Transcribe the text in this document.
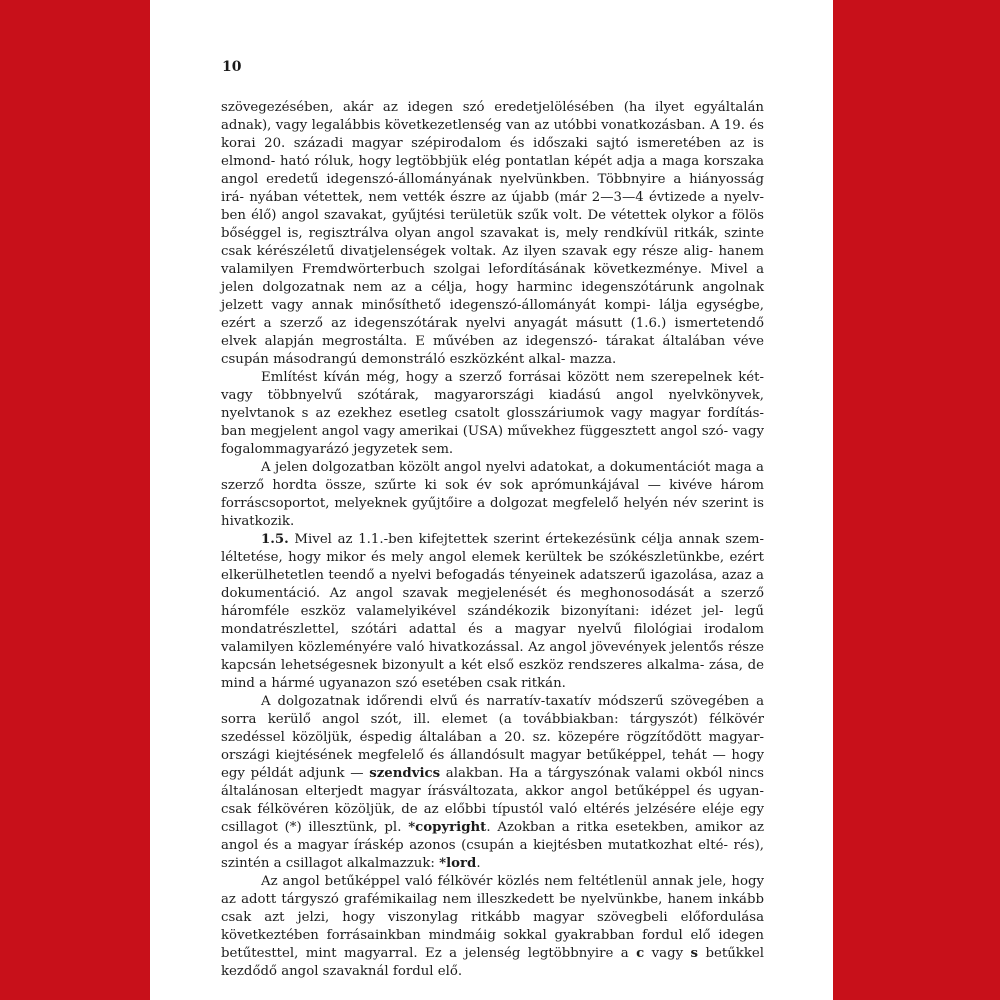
10

szövegezésében, akár az idegen szó eredetjelölésében (ha ilyet egyáltalán adnak), vagy legalábbis következetlenség van az utóbbi vonatkozásban. A 19. és korai 20. századi magyar szépirodalom és időszaki sajtó ismeretében az is elmond- ható róluk, hogy legtöbbjük elég pontatlan képét adja a maga korszaka angol eredetű idegenszó-állományának nyelvünkben. Többnyire a hiányosság irá- nyában vétettek, nem vették észre az újabb (már 2—3—4 évtizede a nyelv- ben élő) angol szavakat, gyűjtési területük szűk volt. De vétettek olykor a fölös bőséggel is, regisztrálva olyan angol szavakat is, mely rendkívül ritkák, szinte csak kérészéletű divatjelenségek voltak. Az ilyen szavak egy része alig- hanem valamilyen Fremdwörterbuch szolgai lefordításának következménye. Mivel a jelen dolgozatnak nem az a célja, hogy harminc idegenszótárunk angolnak jelzett vagy annak minősíthető idegenszó-állományát kompi- lálja egységbe, ezért a szerző az idegenszótárak nyelvi anyagát másutt (1.6.) ismertetendő elvek alapján megrostálta. E művében az idegenszó- tárakat általában véve csupán másodrangú demonstráló eszközként alkal- mazza.

Említést kíván még, hogy a szerző forrásai között nem szerepelnek két- vagy többnyelvű szótárak, magyarországi kiadású angol nyelvkönyvek, nyelvtanok s az ezekhez esetleg csatolt glosszáriumok vagy magyar fordítás- ban megjelent angol vagy amerikai (USA) művekhez függesztett angol szó- vagy fogalommagyarázó jegyzetek sem.

A jelen dolgozatban közölt angol nyelvi adatokat, a dokumentációt maga a szerző hordta össze, szűrte ki sok év sok aprómunkájával — kivéve három forráscsoportot, melyeknek gyűjtőire a dolgozat megfelelő helyén név szerint is hivatkozik.

1.5. Mivel az 1.1.-ben kifejtettek szerint értekezésünk célja annak szem- léltetése, hogy mikor és mely angol elemek kerültek be szókészletünkbe, ezért elkerülhetetlen teendő a nyelvi befogadás tényeinek adatszerű igazolása, azaz a dokumentáció. Az angol szavak megjelenését és meghonosodását a szerző háromféle eszköz valamelyikével szándékozik bizonyítani: idézet jel- legű mondatrészlettel, szótári adattal és a magyar nyelvű filológiai irodalom valamilyen közleményére való hivatkozással. Az angol jövevények jelentős része kapcsán lehetségesnek bizonyult a két első eszköz rendszeres alkalma- zása, de mind a hármé ugyanazon szó esetében csak ritkán.

A dolgozatnak időrendi elvű és narratív-taxatív módszerű szövegében a sorra kerülő angol szót, ill. elemet (a továbbiakban: tárgyszót) félkövér szedéssel közöljük, éspedig általában a 20. sz. közepére rögzítődött magyar- országi kiejtésének megfelelő és állandósult magyar betűképpel, tehát — hogy egy példát adjunk — szendvics alakban. Ha a tárgyszónak valami okból nincs általánosan elterjedt magyar írásváltozata, akkor angol betűképpel és ugyan- csak félkövéren közöljük, de az előbbi típustól való eltérés jelzésére eléje egy csillagot (*) illesztünk, pl. *copyright. Azokban a ritka esetekben, amikor az angol és a magyar íráskép azonos (csupán a kiejtésben mutatkozhat elté- rés), szintén a csillagot alkalmazzuk: *lord.

Az angol betűképpel való félkövér közlés nem feltétlenül annak jele, hogy az adott tárgyszó grafémikailag nem illeszkedett be nyelvünkbe, hanem inkább csak azt jelzi, hogy viszonylag ritkább magyar szövegbeli előfordulása következtében forrásainkban mindmáig sokkal gyakrabban fordul elő idegen betűtesttel, mint magyarral. Ez a jelenség legtöbbnyire a c vagy s betűkkel kezdődő angol szavaknál fordul elő.
